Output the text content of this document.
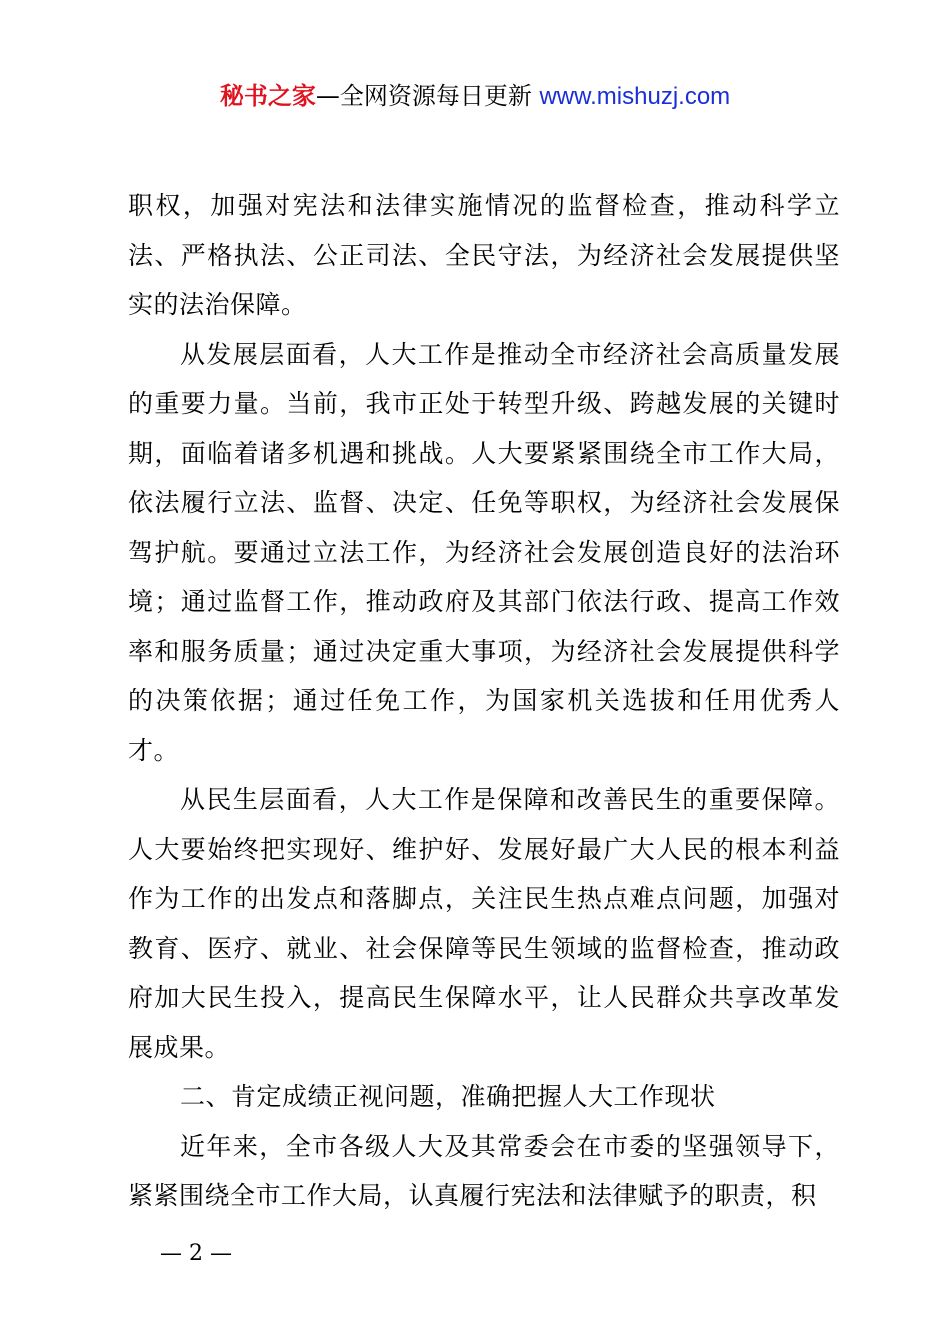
秘书之家—全网资源每日更新 www.mishuzj.com

职权，加强对宪法和法律实施情况的监督检查，推动科学立法、严格执法、公正司法、全民守法，为经济社会发展提供坚实的法治保障。

从发展层面看，人大工作是推动全市经济社会高质量发展的重要力量。当前，我市正处于转型升级、跨越发展的关键时期，面临着诸多机遇和挑战。人大要紧紧围绕全市工作大局，依法履行立法、监督、决定、任免等职权，为经济社会发展保驾护航。要通过立法工作，为经济社会发展创造良好的法治环境；通过监督工作，推动政府及其部门依法行政、提高工作效率和服务质量；通过决定重大事项，为经济社会发展提供科学的决策依据；通过任免工作，为国家机关选拔和任用优秀人才。

从民生层面看，人大工作是保障和改善民生的重要保障。人大要始终把实现好、维护好、发展好最广大人民的根本利益作为工作的出发点和落脚点，关注民生热点难点问题，加强对教育、医疗、就业、社会保障等民生领域的监督检查，推动政府加大民生投入，提高民生保障水平，让人民群众共享改革发展成果。

二、肯定成绩正视问题，准确把握人大工作现状

近年来，全市各级人大及其常委会在市委的坚强领导下，紧紧围绕全市工作大局，认真履行宪法和法律赋予的职责，积

— 2 —
